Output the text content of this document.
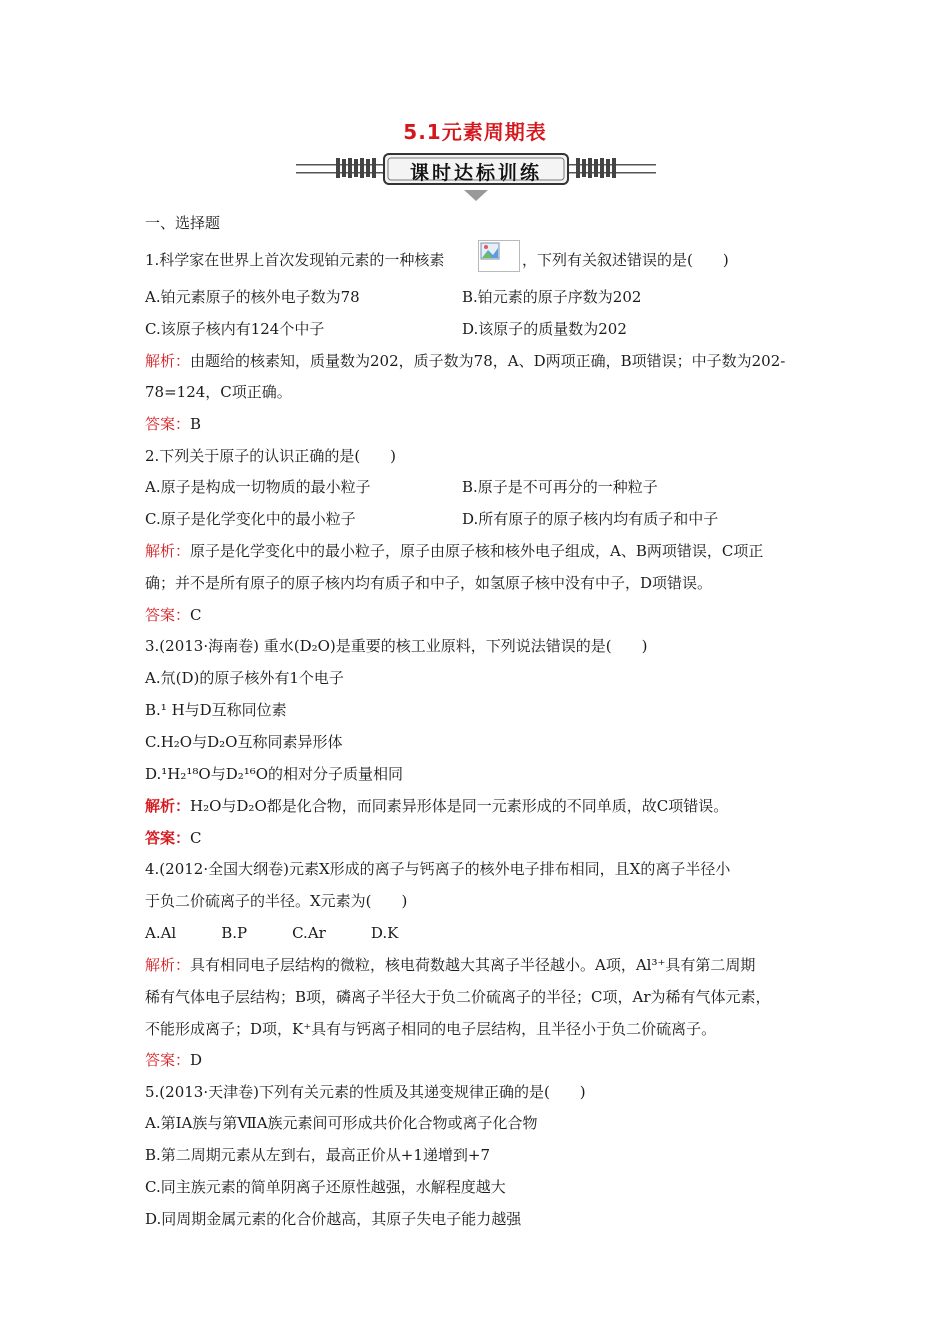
5.1元素周期表
课时达标训练
一、选择题
1.科学家在世界上首次发现铂元素的一种核素	，下列有关叙述错误的是(　　)
A.铂元素原子的核外电子数为78	B.铂元素的原子序数为202
C.该原子核内有124个中子	D.该原子的质量数为202
解析：由题给的核素知，质量数为202，质子数为78，A、D两项正确，B项错误；中子数为202-
78=124，C项正确。
答案：B
2.下列关于原子的认识正确的是(　　)
A.原子是构成一切物质的最小粒子	B.原子是不可再分的一种粒子
C.原子是化学变化中的最小粒子	D.所有原子的原子核内均有质子和中子
解析：原子是化学变化中的最小粒子，原子由原子核和核外电子组成，A、B两项错误，C项正
确；并不是所有原子的原子核内均有质子和中子，如氢原子核中没有中子，D项错误。
答案：C
3.(2013·海南卷) 重水(D₂O)是重要的核工业原料，下列说法错误的是(　　)
A.氘(D)的原子核外有1个电子
B.¹ H与D互称同位素
C.H₂O与D₂O互称同素异形体
D.¹H₂¹⁸O与D₂¹⁶O的相对分子质量相同
解析：H₂O与D₂O都是化合物，而同素异形体是同一元素形成的不同单质，故C项错误。
答案：C
4.(2012·全国大纲卷)元素X形成的离子与钙离子的核外电子排布相同，且X的离子半径小
于负二价硫离子的半径。X元素为(　　)
A.Al　　　B.P　　　C.Ar　　　D.K
解析：具有相同电子层结构的微粒，核电荷数越大其离子半径越小。A项，Al³⁺具有第二周期
稀有气体电子层结构；B项，磷离子半径大于负二价硫离子的半径；C项，Ar为稀有气体元素，
不能形成离子；D项，K⁺具有与钙离子相同的电子层结构，且半径小于负二价硫离子。
答案：D
5.(2013·天津卷)下列有关元素的性质及其递变规律正确的是(　　)
A.第ⅠA族与第ⅦA族元素间可形成共价化合物或离子化合物
B.第二周期元素从左到右，最高正价从+1递增到+7
C.同主族元素的简单阴离子还原性越强，水解程度越大
D.同周期金属元素的化合价越高，其原子失电子能力越强
